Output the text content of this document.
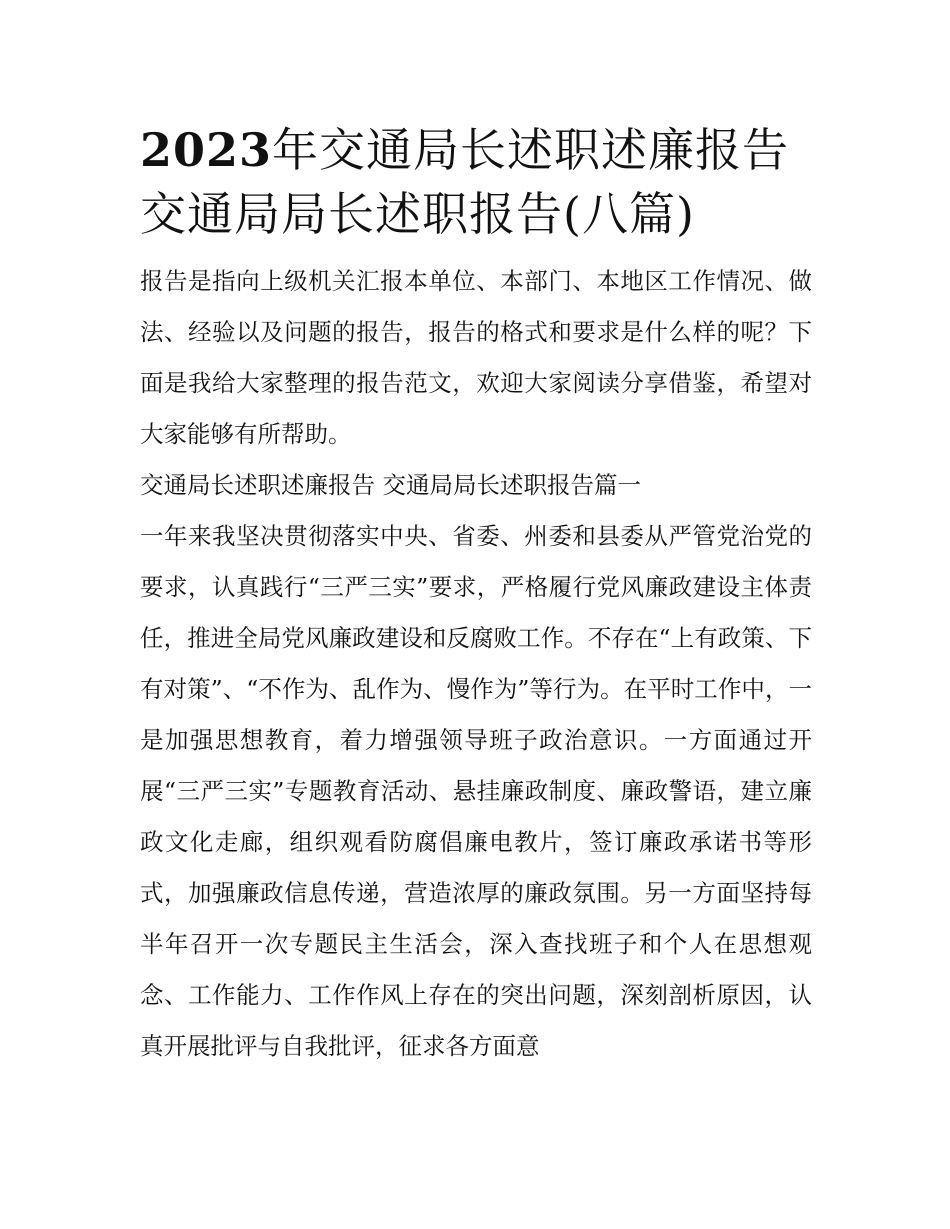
2023年交通局长述职述廉报告
交通局局长述职报告(八篇)

报告是指向上级机关汇报本单位、本部门、本地区工作情况、做法、经验以及问题的报告，报告的格式和要求是什么样的呢？下面是我给大家整理的报告范文，欢迎大家阅读分享借鉴，希望对大家能够有所帮助。

交通局长述职述廉报告 交通局局长述职报告篇一

一年来我坚决贯彻落实中央、省委、州委和县委从严管党治党的要求，认真践行“三严三实”要求，严格履行党风廉政建设主体责任，推进全局党风廉政建设和反腐败工作。不存在“上有政策、下有对策”、“不作为、乱作为、慢作为”等行为。在平时工作中，一是加强思想教育，着力增强领导班子政治意识。一方面通过开展“三严三实”专题教育活动、悬挂廉政制度、廉政警语，建立廉政文化走廊，组织观看防腐倡廉电教片，签订廉政承诺书等形式，加强廉政信息传递，营造浓厚的廉政氛围。另一方面坚持每半年召开一次专题民主生活会，深入查找班子和个人在思想观念、工作能力、工作作风上存在的突出问题，深刻剖析原因，认真开展批评与自我批评，征求各方面意
